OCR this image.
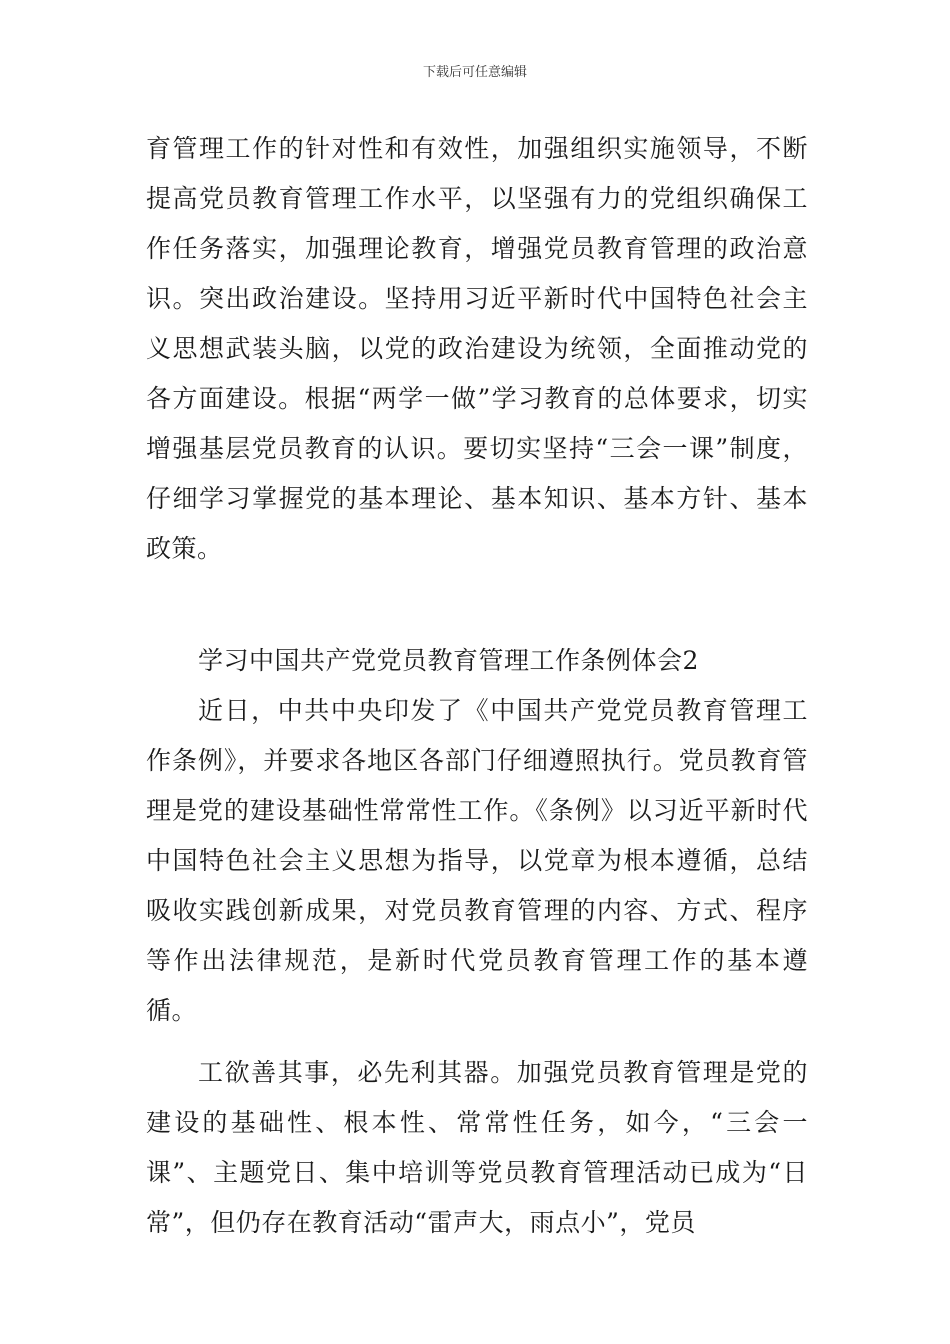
下载后可任意编辑

育管理工作的针对性和有效性，加强组织实施领导，不断提高党员教育管理工作水平，以坚强有力的党组织确保工作任务落实，加强理论教育，增强党员教育管理的政治意识。突出政治建设。坚持用习近平新时代中国特色社会主义思想武装头脑，以党的政治建设为统领，全面推动党的各方面建设。根据“两学一做”学习教育的总体要求，切实增强基层党员教育的认识。要切实坚持“三会一课”制度，仔细学习掌握党的基本理论、基本知识、基本方针、基本政策。

学习中国共产党党员教育管理工作条例体会2

近日，中共中央印发了《中国共产党党员教育管理工作条例》，并要求各地区各部门仔细遵照执行。党员教育管理是党的建设基础性常常性工作。《条例》以习近平新时代中国特色社会主义思想为指导，以党章为根本遵循，总结吸收实践创新成果，对党员教育管理的内容、方式、程序等作出法律规范，是新时代党员教育管理工作的基本遵循。

工欲善其事，必先利其器。加强党员教育管理是党的建设的基础性、根本性、常常性任务，如今，“三会一课”、主题党日、集中培训等党员教育管理活动已成为“日常”，但仍存在教育活动“雷声大，雨点小”，党员
